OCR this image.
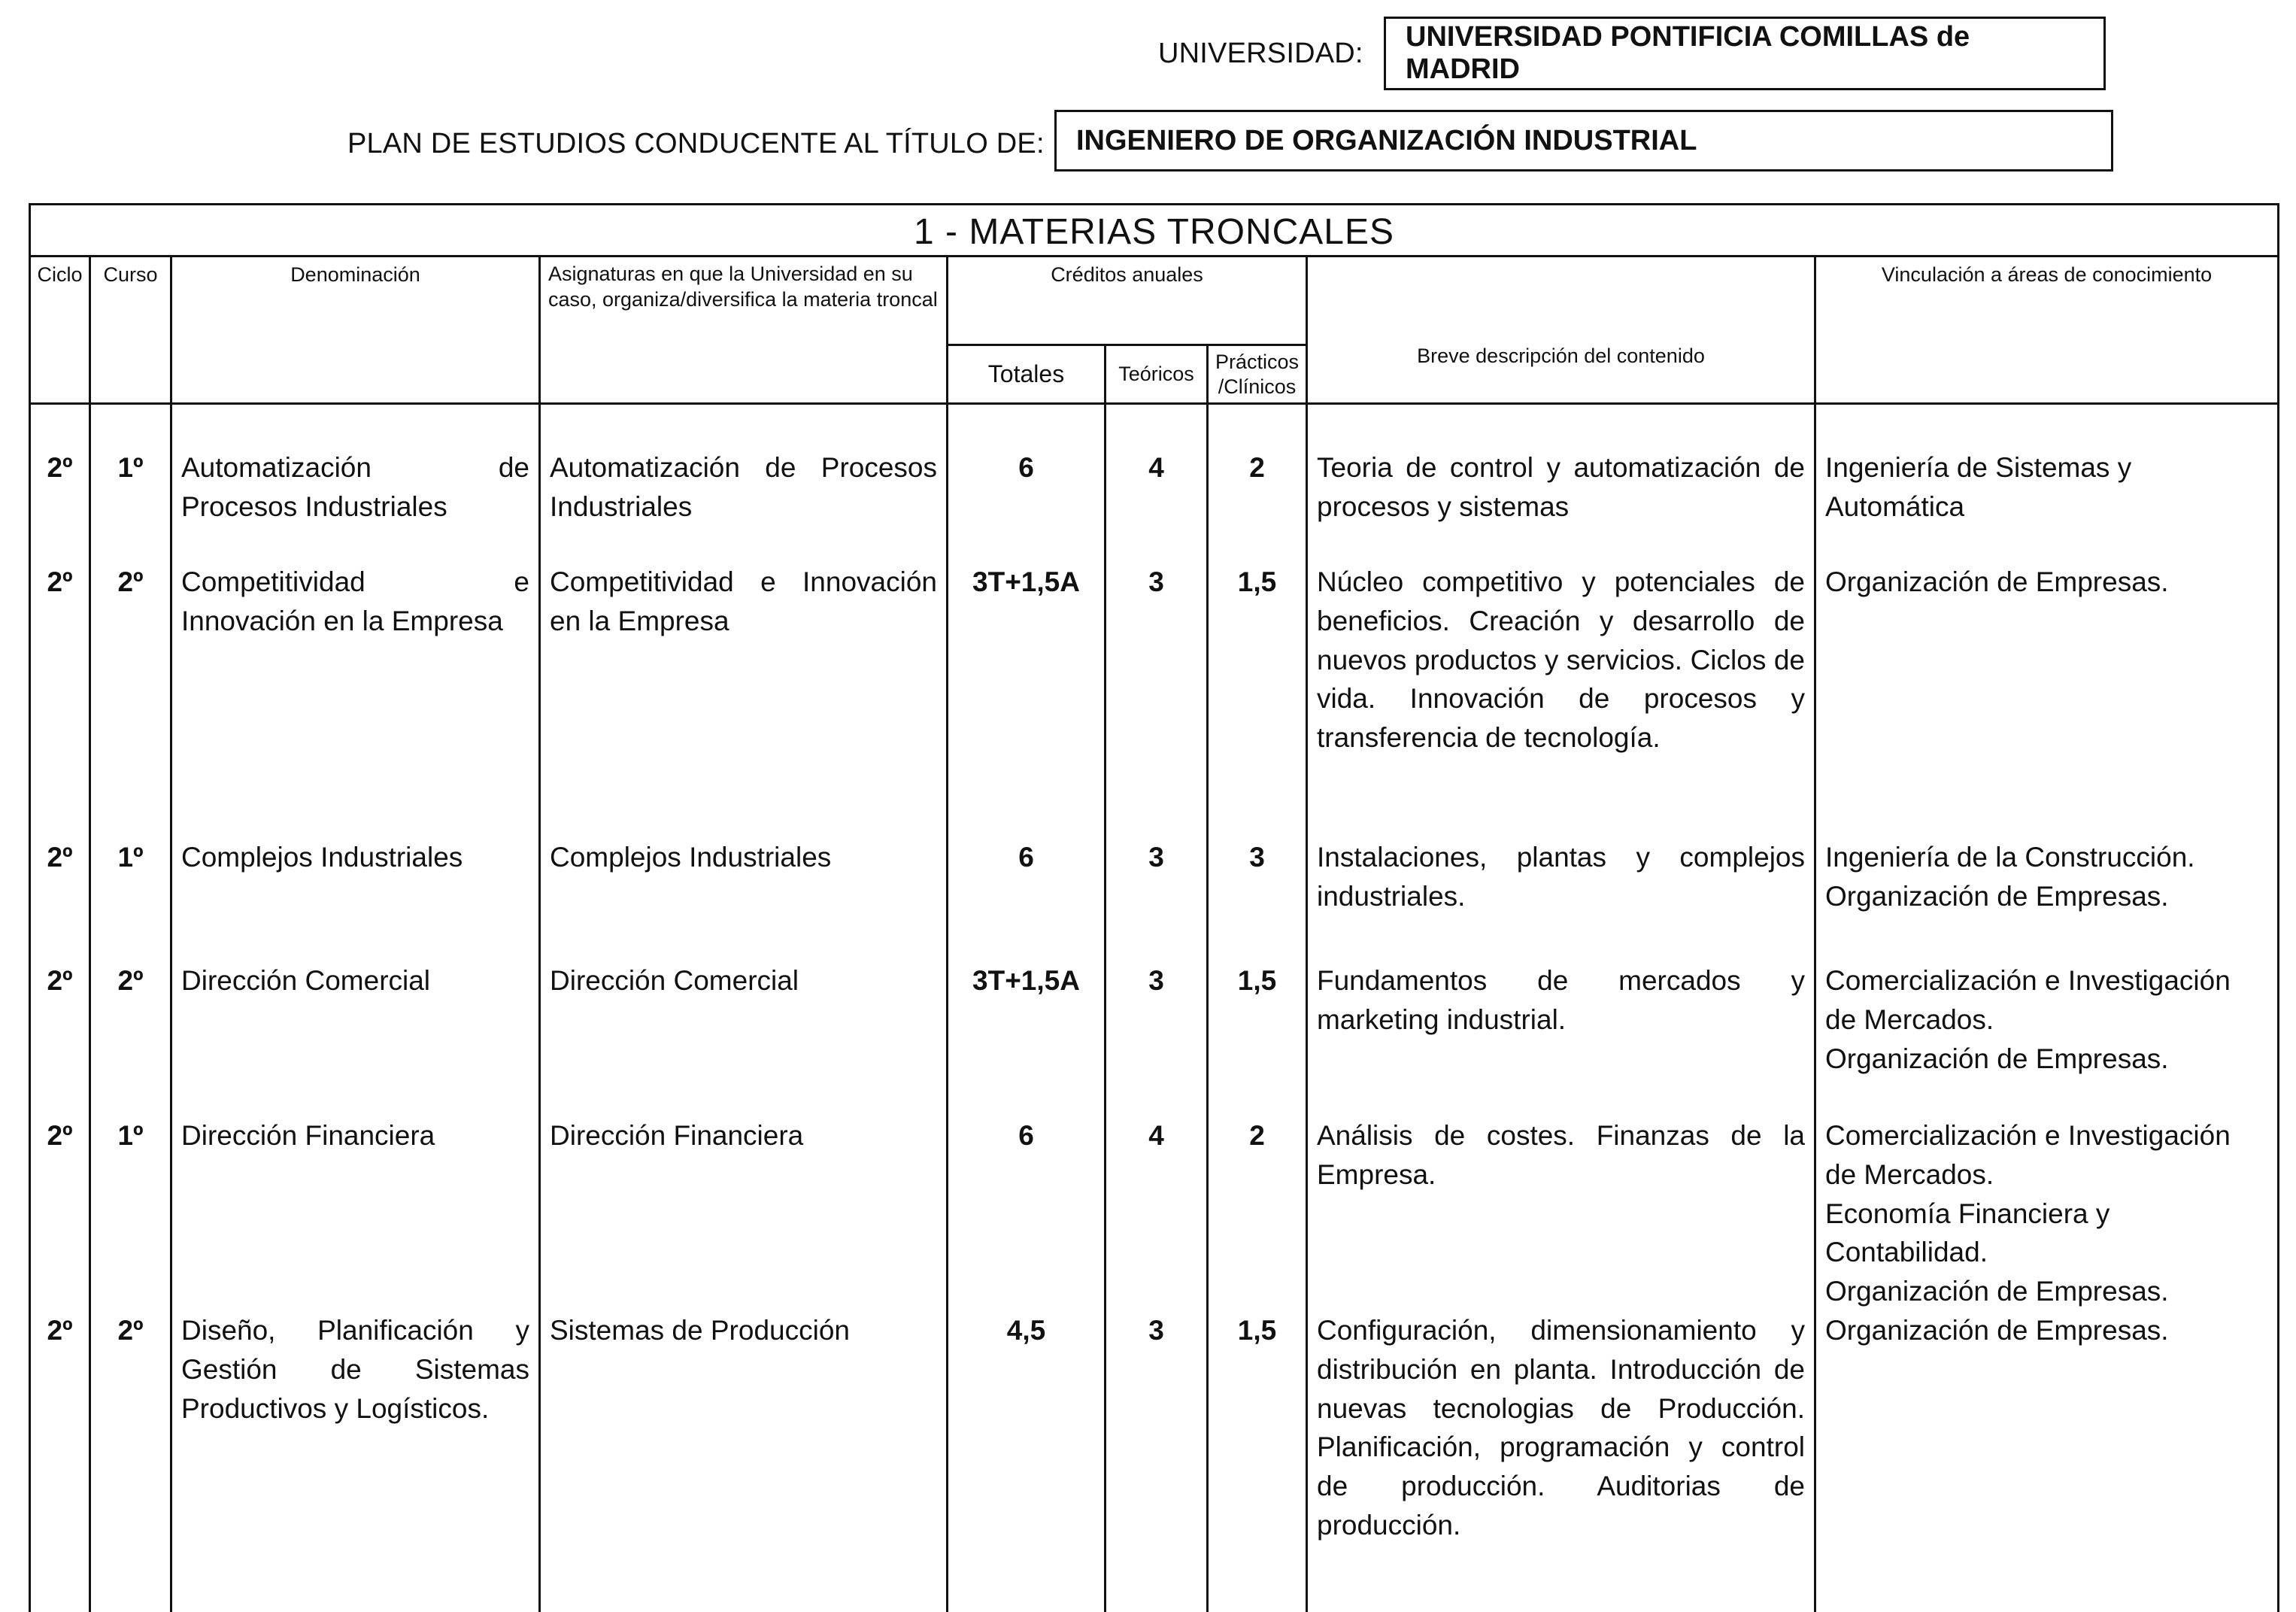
UNIVERSIDAD:
UNIVERSIDAD PONTIFICIA COMILLAS de MADRID
PLAN DE ESTUDIOS CONDUCENTE AL TÍTULO DE: INGENIERO DE ORGANIZACIÓN INDUSTRIAL
1 - MATERIAS TRONCALES								
Ciclo	Curso	Denominación	Asignaturas en que la Universidad en su caso, organiza/diversifica la materia troncal	Créditos anuales			Breve descripción del contenido	Vinculación a áreas de conocimiento
				Totales	Teóricos	Prácticos /Clínicos		

2º	1º	Automatización de Procesos Industriales	Automatización de Procesos Industriales	6	4	2	Teoria de control y automatización de procesos y sistemas	Ingeniería de Sistemas y Automática
2º	2º	Competitividad e Innovación en la Empresa	Competitividad e Innovación en la Empresa	3T+1,5A	3	1,5	Núcleo competitivo y potenciales de beneficios. Creación y desarrollo de nuevos productos y servicios. Ciclos de vida. Innovación de procesos y transferencia de tecnología.	Organización de Empresas.
2º	1º	Complejos Industriales	Complejos Industriales	6	3	3	Instalaciones, plantas y complejos industriales.	Ingeniería de la Construcción.
Organización de Empresas.
2º	2º	Dirección Comercial	Dirección Comercial	3T+1,5A	3	1,5	Fundamentos de mercados y marketing industrial.	Comercialización e Investigación de Mercados.
Organización de Empresas.
2º	1º	Dirección Financiera	Dirección Financiera	6	4	2	Análisis de costes. Finanzas de la Empresa.	Comercialización e Investigación de Mercados.
Economía Financiera y Contabilidad.
Organización de Empresas.
2º	2º	Diseño, Planificación y Gestión de Sistemas Productivos y Logísticos.	Sistemas de Producción	4,5	3	1,5	Configuración, dimensionamiento y distribución en planta. Introducción de nuevas tecnologias de Producción. Planificación, programación y control de producción. Auditorias de producción.	Organización de Empresas.
